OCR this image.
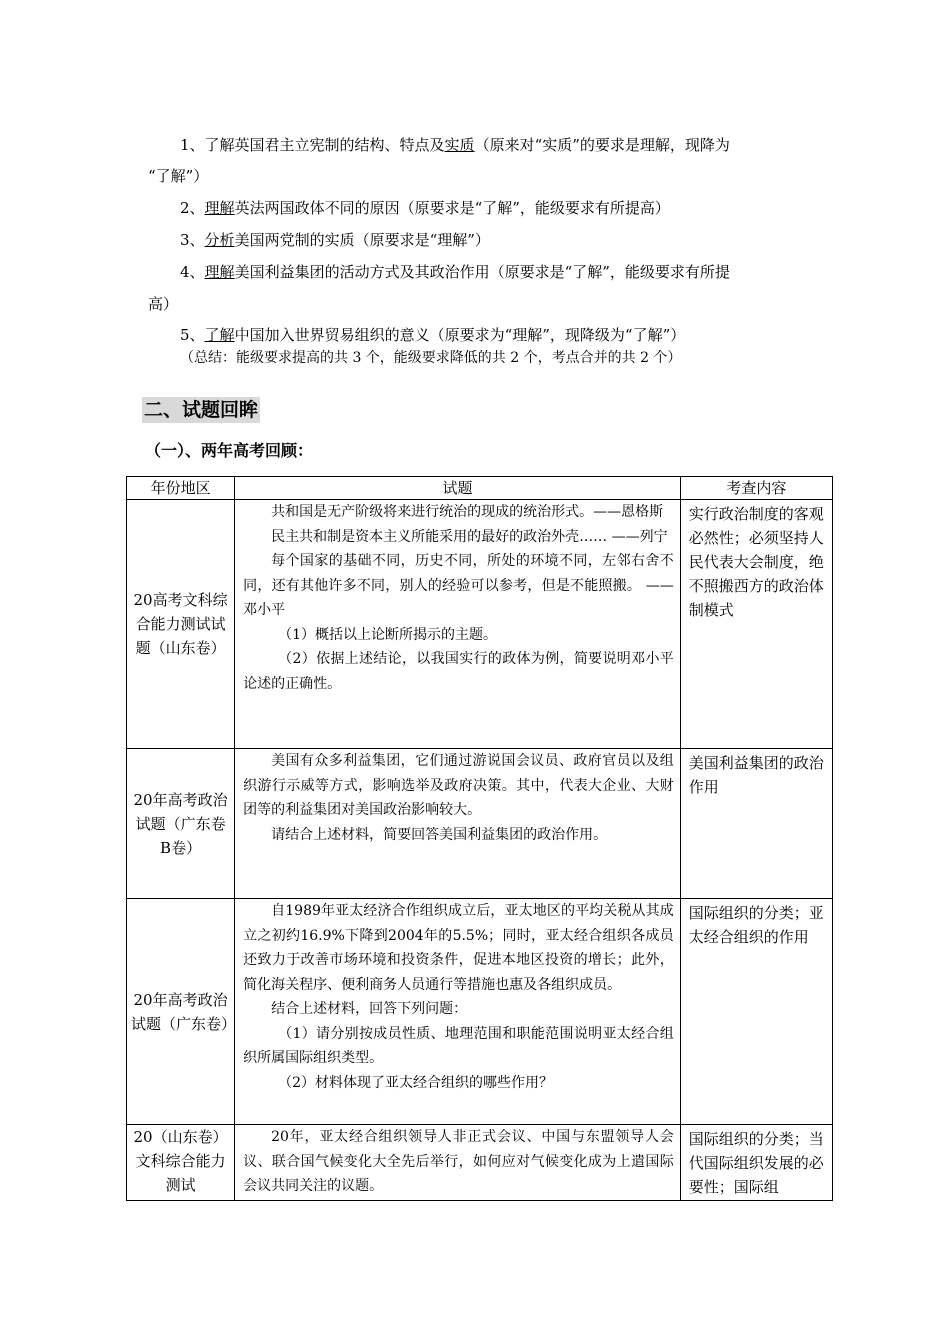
1、了解英国君主立宪制的结构、特点及实质（原来对“实质”的要求是理解，现降为
“了解”）
2、理解英法两国政体不同的原因（原要求是“了解”，能级要求有所提高）
3、分析美国两党制的实质（原要求是“理解”）
4、理解美国利益集团的活动方式及其政治作用（原要求是“了解”，能级要求有所提
高）
5、了解中国加入世界贸易组织的意义（原要求为“理解”，现降级为“了解”）
（总结：能级要求提高的共 3 个，能级要求降低的共 2 个，考点合并的共 2 个）
二、试题回眸
（一）、两年高考回顾：
年份地区	试题	考查内容
20高考文科综合能力测试试题（山东卷）	共和国是无产阶级将来进行统治的现成的统治形式。——恩格斯

民主共和制是资本主义所能采用的最好的政治外壳…… ——列宁

每个国家的基础不同，历史不同，所处的环境不同，左邻右舍不同，还有其他许多不同，别人的经验可以参考，但是不能照搬。 ——邓小平

（1）概括以上论断所揭示的主题。

（2）依据上述结论，以我国实行的政体为例，简要说明邓小平论述的正确性。	实行政治制度的客观必然性；必须坚持人民代表大会制度，绝不照搬西方的政治体制模式
20年高考政治试题（广东卷B卷）	美国有众多利益集团，它们通过游说国会议员、政府官员以及组织游行示威等方式，影响选举及政府决策。其中，代表大企业、大财团等的利益集团对美国政治影响较大。

请结合上述材料，简要回答美国利益集团的政治作用。	美国利益集团的政治作用
20年高考政治试题（广东卷）	自1989年亚太经济合作组织成立后，亚太地区的平均关税从其成立之初约16.9%下降到2004年的5.5%；同时，亚太经合组织各成员还致力于改善市场环境和投资条件，促进本地区投资的增长；此外，简化海关程序、便利商务人员通行等措施也惠及各组织成员。

结合上述材料，回答下列问题：

（1）请分别按成员性质、地理范围和职能范围说明亚太经合组织所属国际组织类型。

（2）材料体现了亚太经合组织的哪些作用？	国际组织的分类；亚太经合组织的作用
20（山东卷）文科综合能力测试	20年，亚太经合组织领导人非正式会议、中国与东盟领导人会议、联合国气候变化大全先后举行，如何应对气候变化成为上遣国际会议共同关注的议题。	国际组织的分类；当代国际组织发展的必要性；国际组
